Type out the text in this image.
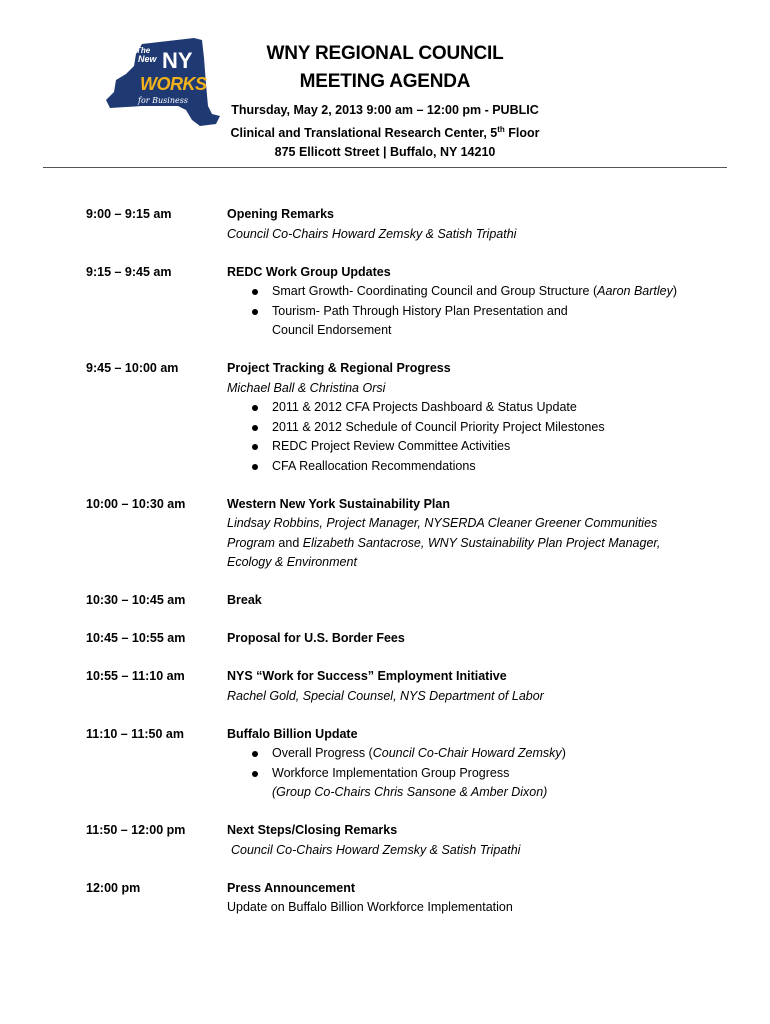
The
New NY
WORKS
for Business
WNY REGIONAL COUNCIL
MEETING AGENDA
Thursday, May 2, 2013 9:00 am – 12:00 pm - PUBLIC
Clinical and Translational Research Center, 5th Floor
875 Ellicott Street | Buffalo, NY 14210
9:00 – 9:15 am	Opening Remarks
Council Co-Chairs Howard Zemsky & Satish Tripathi
9:15 – 9:45 am	REDC Work Group Updates
Smart Growth- Coordinating Council and Group Structure (Aaron Bartley)
Tourism- Path Through History Plan Presentation and
Council Endorsement
9:45 – 10:00 am	Project Tracking & Regional Progress
Michael Ball & Christina Orsi
2011 & 2012 CFA Projects Dashboard & Status Update
2011 & 2012 Schedule of Council Priority Project Milestones
REDC Project Review Committee Activities
CFA Reallocation Recommendations
10:00 – 10:30 am	Western New York Sustainability Plan
Lindsay Robbins, Project Manager, NYSERDA Cleaner Greener Communities
Program and Elizabeth Santacrose, WNY Sustainability Plan Project Manager,
Ecology & Environment
10:30 – 10:45 am	Break
10:45 – 10:55 am	Proposal for U.S. Border Fees
10:55 – 11:10 am	NYS “Work for Success” Employment Initiative
Rachel Gold, Special Counsel, NYS Department of Labor
11:10 – 11:50 am	Buffalo Billion Update
Overall Progress (Council Co-Chair Howard Zemsky)
Workforce Implementation Group Progress
(Group Co-Chairs Chris Sansone & Amber Dixon)
11:50 – 12:00 pm	Next Steps/Closing Remarks
Council Co-Chairs Howard Zemsky & Satish Tripathi
12:00 pm	Press Announcement
Update on Buffalo Billion Workforce Implementation
